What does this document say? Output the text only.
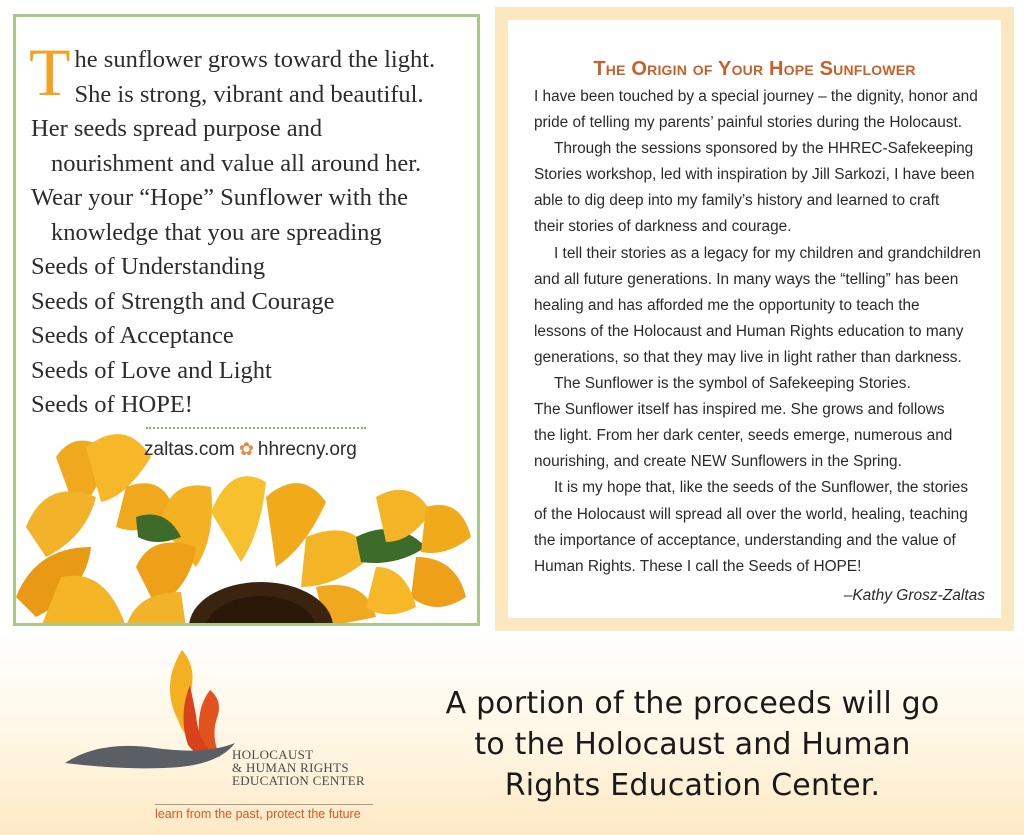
The sunflower grows toward the light.
She is strong, vibrant and beautiful.
Her seeds spread purpose and
nourishment and value all around her.
Wear your “Hope” Sunflower with the
knowledge that you are spreading
Seeds of Understanding
Seeds of Strength and Courage
Seeds of Acceptance
Seeds of Love and Light
Seeds of HOPE!
zaltas.com ✿ hhrecny.org
The Origin of Your Hope Sunflower
I have been touched by a special journey – the dignity, honor and
pride of telling my parents’ painful stories during the Holocaust.
Through the sessions sponsored by the HHREC-Safekeeping
Stories workshop, led with inspiration by Jill Sarkozi, I have been
able to dig deep into my family’s history and learned to craft
their stories of darkness and courage.
I tell their stories as a legacy for my children and grandchildren
and all future generations. In many ways the “telling” has been
healing and has afforded me the opportunity to teach the
lessons of the Holocaust and Human Rights education to many
generations, so that they may live in light rather than darkness.
The Sunflower is the symbol of Safekeeping Stories.
The Sunflower itself has inspired me. She grows and follows
the light. From her dark center, seeds emerge, numerous and
nourishing, and create NEW Sunflowers in the Spring.
It is my hope that, like the seeds of the Sunflower, the stories
of the Holocaust will spread all over the world, healing, teaching
the importance of acceptance, understanding and the value of
Human Rights. These I call the Seeds of HOPE!
–Kathy Grosz-Zaltas
HOLOCAUST
& HUMAN RIGHTS
EDUCATION CENTER
learn from the past, protect the future
A portion of the proceeds will go
to the Holocaust and Human
Rights Education Center.
